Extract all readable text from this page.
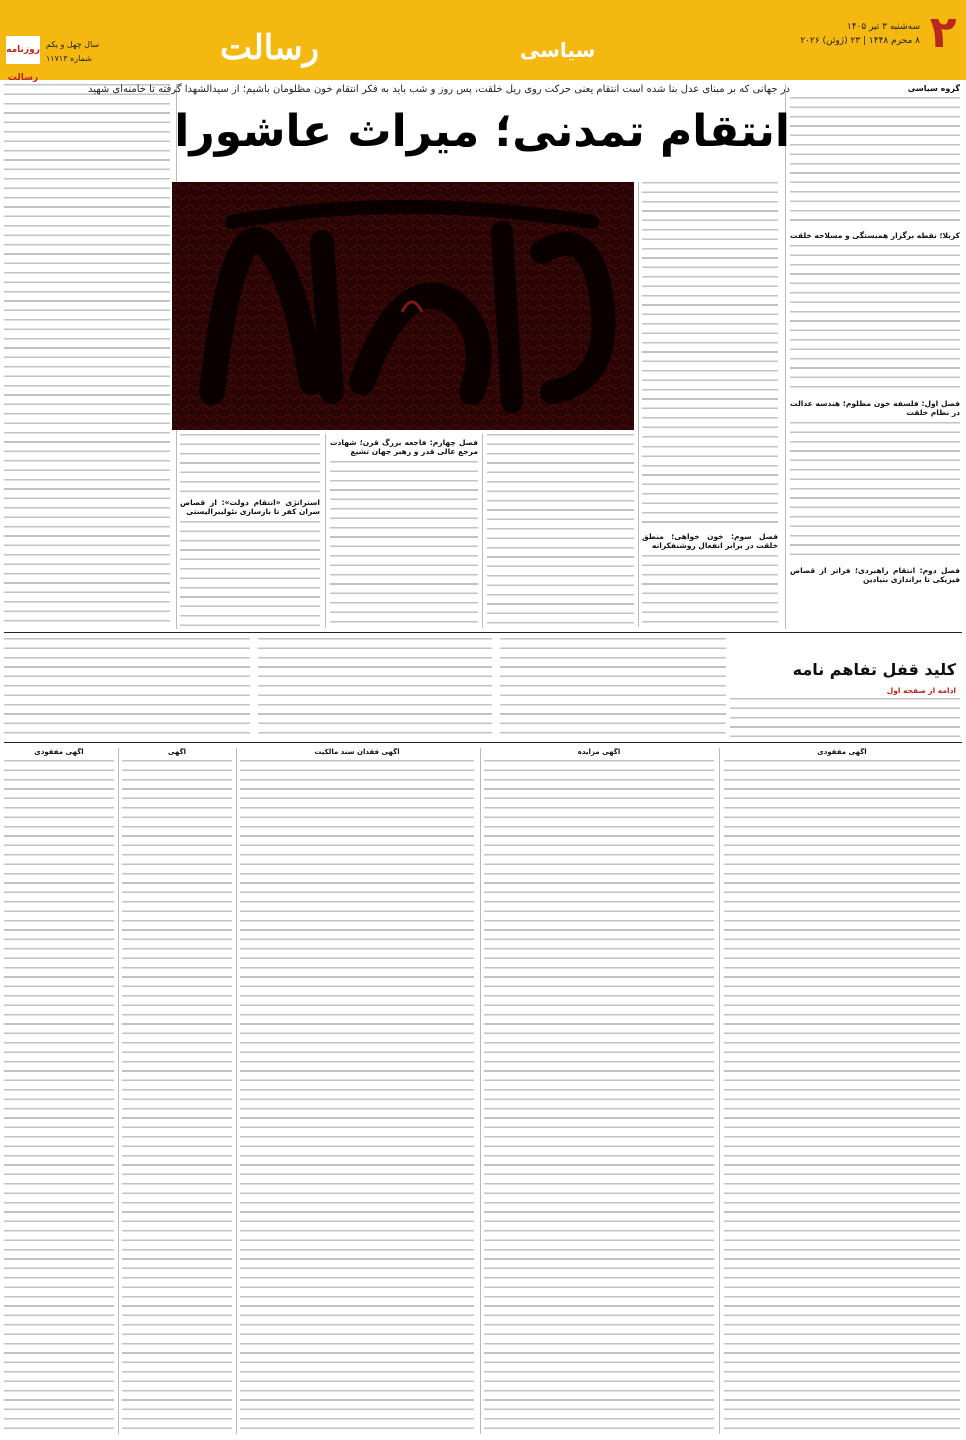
۲
سه‌شنبه ۳ تیر ۱۴۰۵
۸ محرم ۱۴۴۸ | ۲۳ (ژوئن) ۲۰۲۶
سیاسی
رسالت
سال چهل و یکم
شماره ۱۱۷۱۳
روزنامه رسالت
گروه سیاسی
کربلا؛ نقطه برگزار همبستگی و مسلاحه خلقت
فصل اول: فلسفه خون مظلوم؛ هندسه عدالت در نظام خلقت
فصل دوم: انتقام راهبردی؛ فراتر از قصاص فیزیکی تا براندازی بنیادین
در جهانی که بر مبنای عدل بنا شده است انتقام یعنی حرکت روی ریل خلقت، پس روز و شب باید به فکر انتقام خون مظلومان باشیم؛ از سیدالشهدا گرفته تا خامنه‌ای شهید
انتقام تمدنی؛ میراث عاشورا
فصل سوم: خون خواهی؛ منطق خلقت در برابر انفعال روشنفکرانه
فصل چهارم: فاجعه بزرگ قرن؛ شهادت مرجع عالی قدر و رهبر جهان تشیع
استراتژی «انتقام دولت»: از قصاص سران کفر تا بازسازی نئولیبرالیستی
کلید قفل تفاهم نامه
ادامه از صفحه اول
آگهی مفقودی
آگهی مزایده
آگهی فقدان سند مالکیت
آگهی
آگهی مفقودی
